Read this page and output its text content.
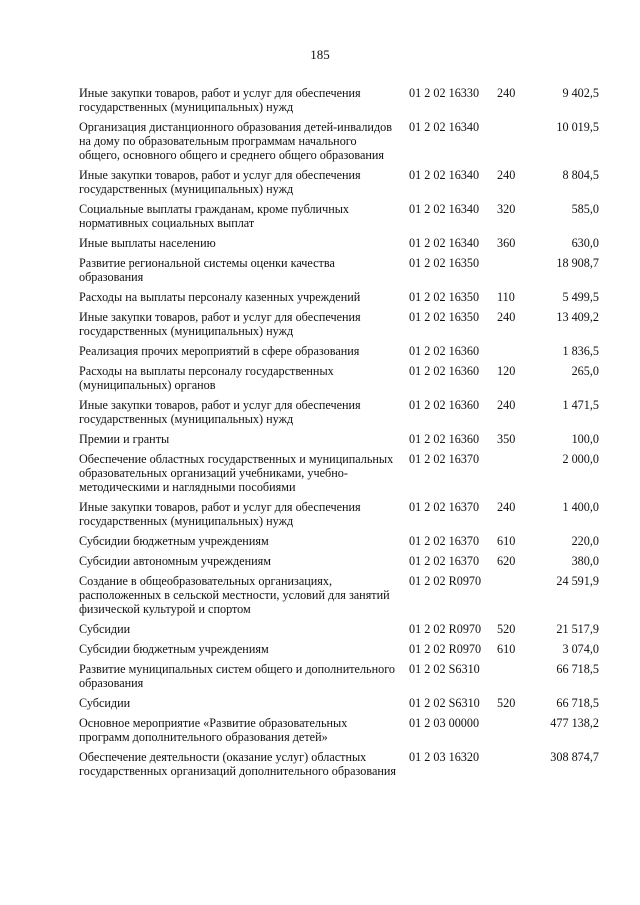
185
Иные закупки товаров, работ и услуг для обеспечения государственных (муниципальных) нужд
01 2 02 16330 240	9 402,5
Организация дистанционного образования детей-инвалидов на дому по образовательным программам начального общего, основного общего и среднего общего образования
01 2 02 16340	10 019,5
Иные закупки товаров, работ и услуг для обеспечения государственных (муниципальных) нужд
01 2 02 16340 240	8 804,5
Социальные выплаты гражданам, кроме публичных нормативных социальных выплат
01 2 02 16340 320	585,0
Иные выплаты населению	01 2 02 16340 360	630,0
Развитие региональной системы оценки качества образования
01 2 02 16350	18 908,7
Расходы на выплаты персоналу казенных учреждений	01 2 02 16350 110	5 499,5
Иные закупки товаров, работ и услуг для обеспечения государственных (муниципальных) нужд
01 2 02 16350 240	13 409,2
Реализация прочих мероприятий в сфере образования	01 2 02 16360	1 836,5
Расходы на выплаты персоналу государственных (муниципальных) органов
01 2 02 16360 120	265,0
Иные закупки товаров, работ и услуг для обеспечения государственных (муниципальных) нужд
01 2 02 16360 240	1 471,5
Премии и гранты	01 2 02 16360 350	100,0
Обеспечение областных государственных и муниципальных образовательных организаций учебниками, учебно-методическими и наглядными пособиями
01 2 02 16370	2 000,0
Иные закупки товаров, работ и услуг для обеспечения государственных (муниципальных) нужд
01 2 02 16370 240	1 400,0
Субсидии бюджетным учреждениям	01 2 02 16370 610	220,0
Субсидии автономным учреждениям	01 2 02 16370 620	380,0
Создание в общеобразовательных организациях, расположенных в сельской местности, условий для занятий физической культурой и спортом
01 2 02 R0970	24 591,9
Субсидии	01 2 02 R0970 520	21 517,9
Субсидии бюджетным учреждениям	01 2 02 R0970 610	3 074,0
Развитие муниципальных систем общего и дополнительного образования
01 2 02 S6310	66 718,5
Субсидии	01 2 02 S6310 520	66 718,5
Основное мероприятие «Развитие образовательных программ дополнительного образования детей»
01 2 03 00000	477 138,2
Обеспечение деятельности (оказание услуг) областных государственных организаций дополнительного образования
01 2 03 16320	308 874,7
